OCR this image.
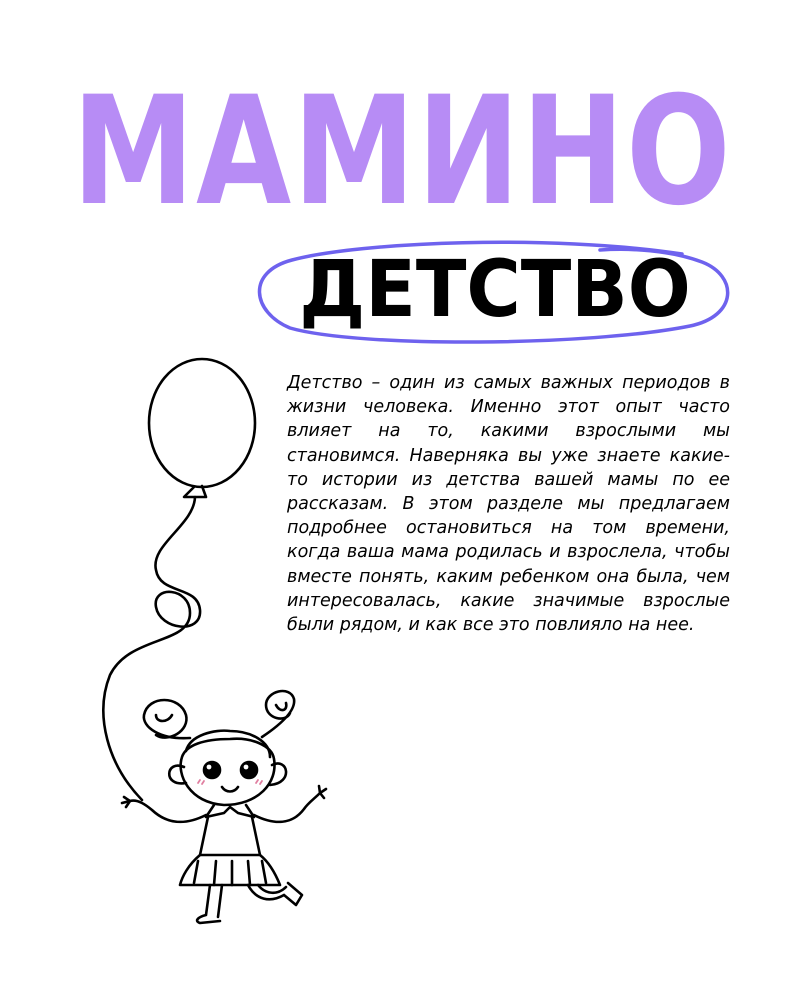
МАМИНО
ДЕТСТВО

Детство – один из самых важных периодов в жизни человека. Именно этот опыт часто влияет на то, какими взрослыми мы становимся. Наверняка вы уже знаете какие-то истории из детства вашей мамы по ее рассказам. В этом разделе мы предлагаем подробнее остановиться на том времени, когда ваша мама родилась и взрослела, чтобы вместе понять, каким ребенком она была, чем интересовалась, какие значимые взрослые были рядом, и как все это повлияло на нее.
